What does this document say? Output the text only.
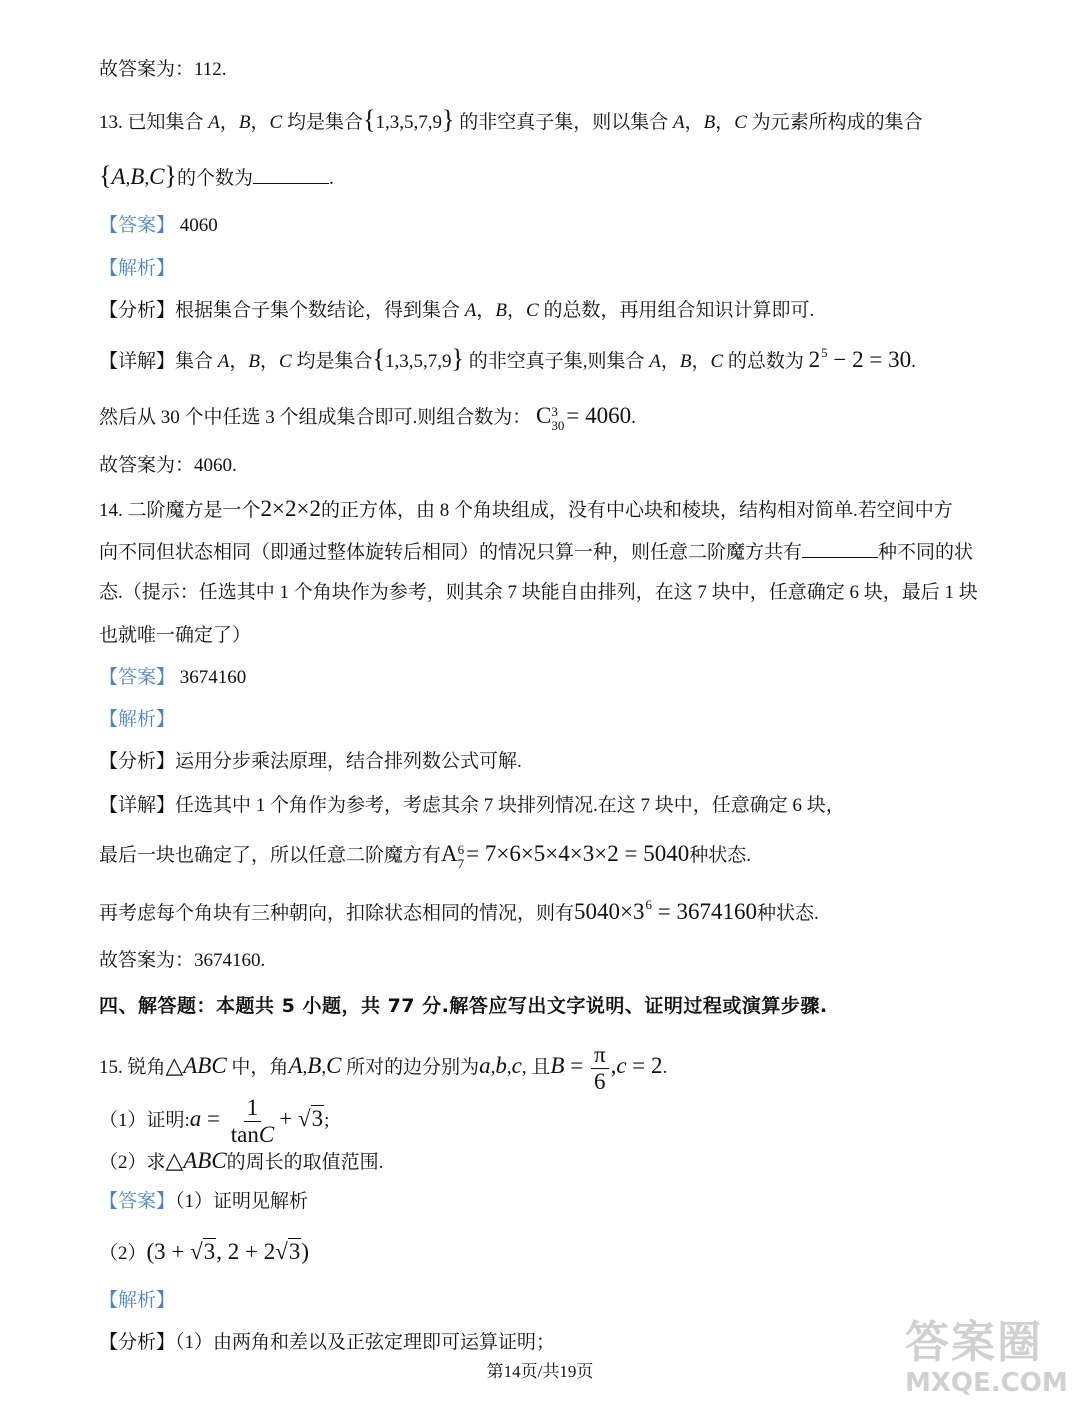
故答案为：112.
13. 已知集合 A，B，C 均是集合{1,3,5,7,9} 的非空真子集，则以集合 A，B，C 为元素所构成的集合
{A,B,C}的个数为	.
【答案】 4060
【解析】
【分析】根据集合子集个数结论，得到集合 A，B，C 的总数，再用组合知识计算即可.
【详解】集合 A，B，C 均是集合{1,3,5,7,9} 的非空真子集,则集合 A，B，C 的总数为 $2^5 - 2 = 30$.
然后从 30 个中任选 3 个组成集合即可.则组合数为： C 3
30 = 4060.
故答案为：4060.
14. 二阶魔方是一个2×2×2的正方体，由 8 个角块组成，没有中心块和棱块，结构相对简单.若空间中方
向不同但状态相同（即通过整体旋转后相同）的情况只算一种，则任意二阶魔方共有	种不同的状
态.（提示：任选其中 1 个角块作为参考，则其余 7 块能自由排列，在这 7 块中，任意确定 6 块，最后 1 块
也就唯一确定了）
【答案】 3674160
【解析】
【分析】运用分步乘法原理，结合排列数公式可解.
【详解】任选其中 1 个角作为参考，考虑其余 7 块排列情况.在这 7 块中，任意确定 6 块，
最后一块也确定了，所以任意二阶魔方有A 6
7 = 7×6×5×4×3×2 = 5040种状态.
再考虑每个角块有三种朝向，扣除状态相同的情况，则有$5040\times 3^6 = 3674160$种状态.
故答案为：3674160.
四、解答题：本题共 5 小题，共 77 分.解答应写出文字说明、证明过程或演算步骤.
15. 锐角△ABC 中，角A,B,C 所对的边分别为a,b,c, 且$B = \frac{\pi}{6} ,c = 2$.
（1）证明:a = $\frac{1}{\tan C} + √3$;
（2）求△ABC的周长的取值范围.
【答案】（1）证明见解析
（2）(3 + √3, 2 + 2√3)
【解析】
【分析】（1）由两角和差以及正弦定理即可运算证明；
第14页/共19页
答案圈
MXQE.COM
